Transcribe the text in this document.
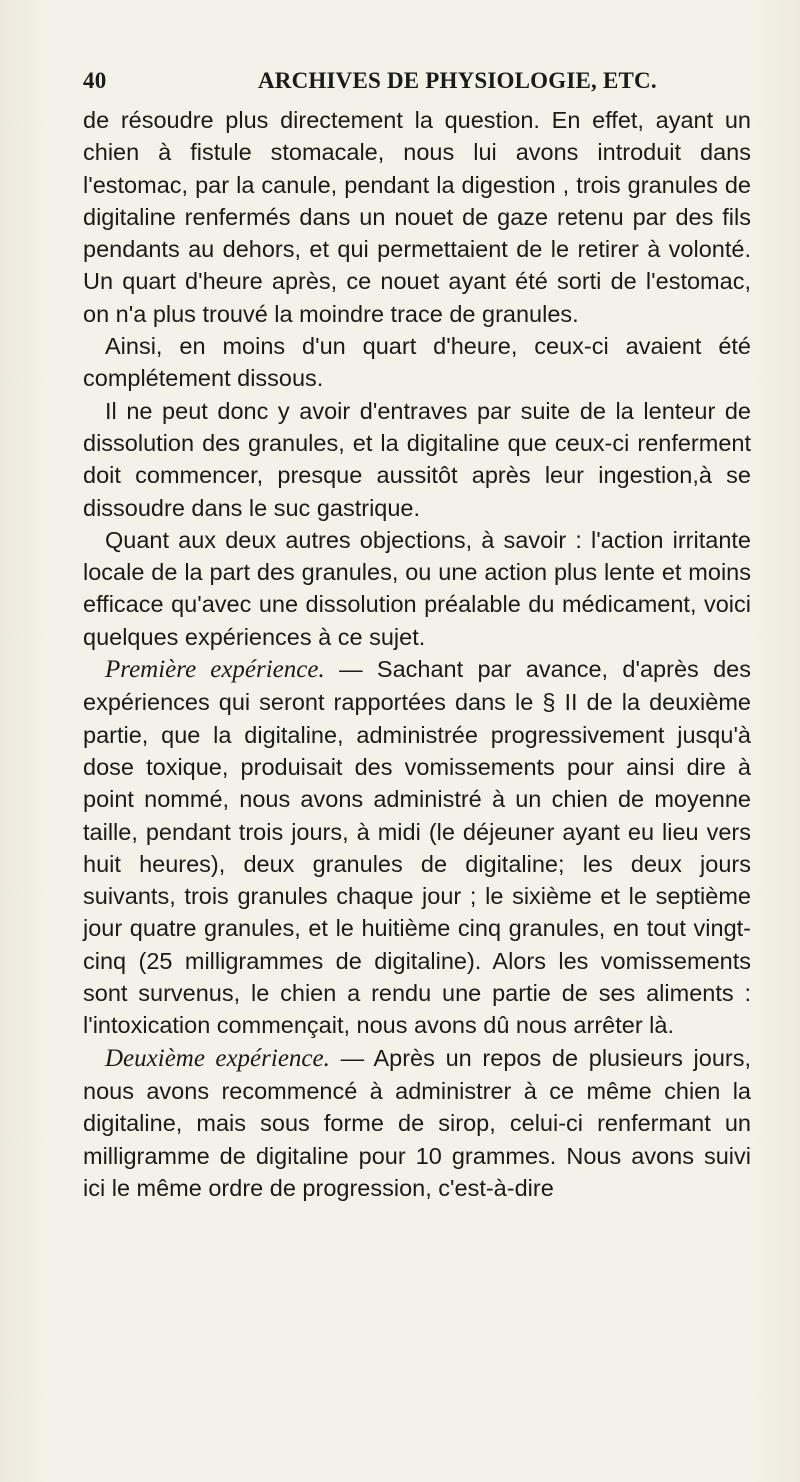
40	ARCHIVES DE PHYSIOLOGIE, ETC.

de résoudre plus directement la question. En effet, ayant un chien à fistule stomacale, nous lui avons introduit dans l'estomac, par la canule, pendant la digestion , trois granules de digitaline renfermés dans un nouet de gaze retenu par des fils pendants au dehors, et qui permettaient de le retirer à volonté. Un quart d'heure après, ce nouet ayant été sorti de l'estomac, on n'a plus trouvé la moindre trace de granules.

Ainsi, en moins d'un quart d'heure, ceux-ci avaient été complétement dissous.

Il ne peut donc y avoir d'entraves par suite de la lenteur de dissolution des granules, et la digitaline que ceux-ci renferment doit commencer, presque aussitôt après leur ingestion,à se dissoudre dans le suc gastrique.

Quant aux deux autres objections, à savoir : l'action irritante locale de la part des granules, ou une action plus lente et moins efficace qu'avec une dissolution préalable du médicament, voici quelques expériences à ce sujet.

Première expérience. — Sachant par avance, d'après des expériences qui seront rapportées dans le § II de la deuxième partie, que la digitaline, administrée progressivement jusqu'à dose toxique, produisait des vomissements pour ainsi dire à point nommé, nous avons administré à un chien de moyenne taille, pendant trois jours, à midi (le déjeuner ayant eu lieu vers huit heures), deux granules de digitaline; les deux jours suivants, trois granules chaque jour ; le sixième et le septième jour quatre granules, et le huitième cinq granules, en tout vingt-cinq (25 milligrammes de digitaline). Alors les vomissements sont survenus, le chien a rendu une partie de ses aliments : l'intoxication commençait, nous avons dû nous arrêter là.

Deuxième expérience. — Après un repos de plusieurs jours, nous avons recommencé à administrer à ce même chien la digitaline, mais sous forme de sirop, celui-ci renfermant un milligramme de digitaline pour 10 grammes. Nous avons suivi ici le même ordre de progression, c'est-à-dire
